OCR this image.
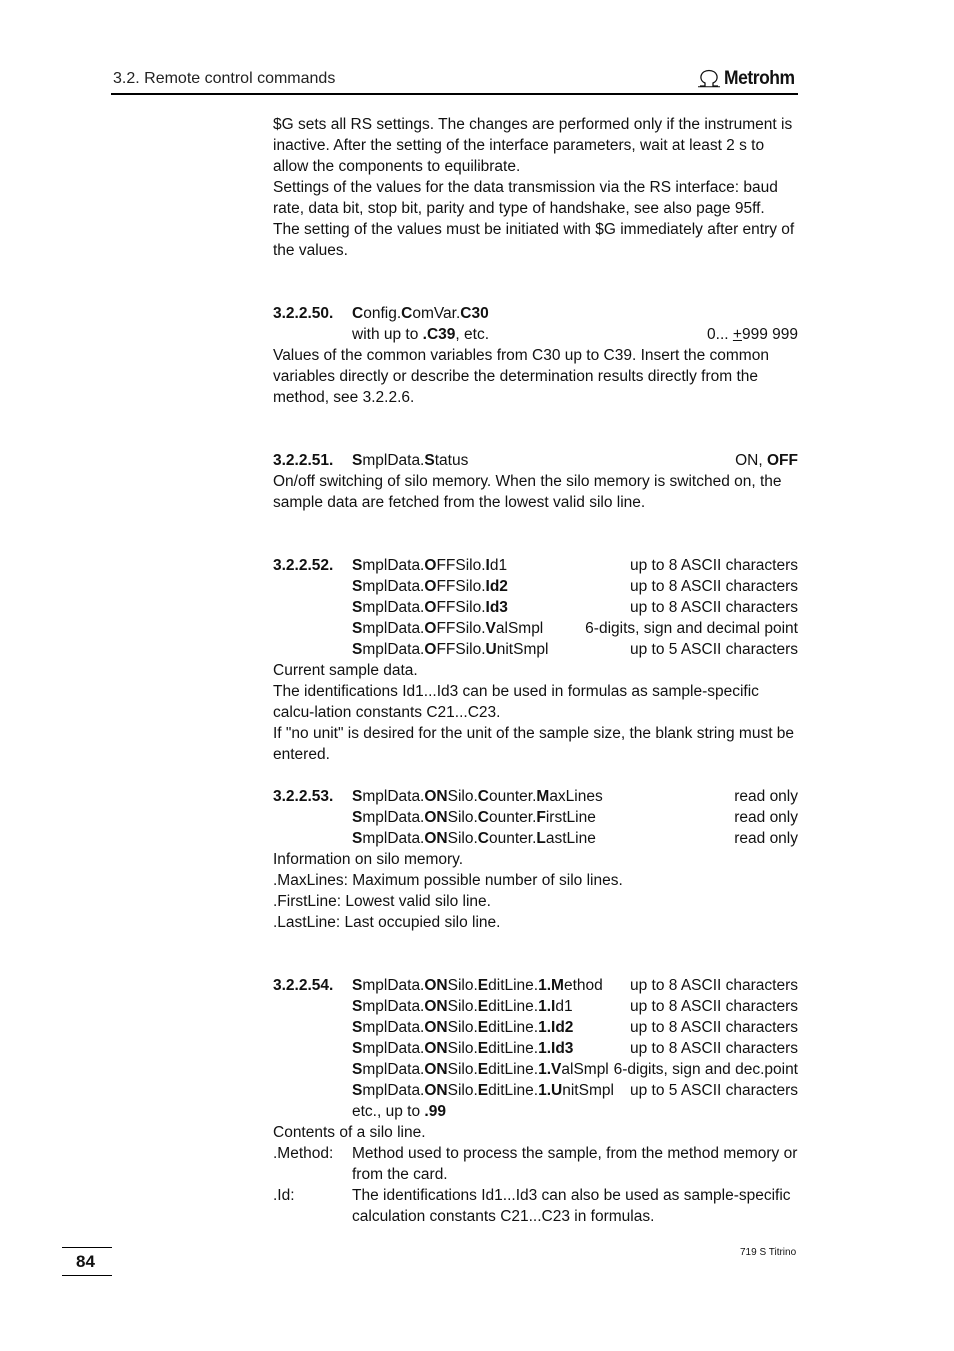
3.2. Remote control commands	Metrohm

$G sets all RS settings. The changes are performed only if the instrument is inactive. After the setting of the interface parameters, wait at least 2 s to allow the components to equilibrate.

Settings of the values for the data transmission via the RS interface: baud rate, data bit, stop bit, parity and type of handshake, see also page 95ff.

The setting of the values must be initiated with $G immediately after entry of the values.

3.2.2.50.	Config.ComVar.C30
with up to .C39, etc.	0... +999 999

Values of the common variables from C30 up to C39. Insert the common variables directly or describe the determination results directly from the method, see 3.2.2.6.

3.2.2.51.	SmplData.Status	ON, OFF

On/off switching of silo memory. When the silo memory is switched on, the sample data are fetched from the lowest valid silo line.

3.2.2.52.	SmplData.OFFSilo.Id1	up to 8 ASCII characters
SmplData.OFFSilo.Id2	up to 8 ASCII characters
SmplData.OFFSilo.Id3	up to 8 ASCII characters
SmplData.OFFSilo.ValSmpl	6-digits, sign and decimal point
SmplData.OFFSilo.UnitSmpl	up to 5 ASCII characters

Current sample data.

The identifications Id1...Id3 can be used in formulas as sample-specific calcu-lation constants C21...C23.

If "no unit" is desired for the unit of the sample size, the blank string must be entered.

3.2.2.53.	SmplData.ONSilo.Counter.MaxLines	read only
SmplData.ONSilo.Counter.FirstLine	read only
SmplData.ONSilo.Counter.LastLine	read only

Information on silo memory.

.MaxLines: Maximum possible number of silo lines.

.FirstLine: Lowest valid silo line.

.LastLine: Last occupied silo line.

3.2.2.54.	SmplData.ONSilo.EditLine.1.Method	up to 8 ASCII characters
SmplData.ONSilo.EditLine.1.Id1	up to 8 ASCII characters
SmplData.ONSilo.EditLine.1.Id2	up to 8 ASCII characters
SmplData.ONSilo.EditLine.1.Id3	up to 8 ASCII characters
SmplData.ONSilo.EditLine.1.ValSmpl 6-digits, sign and dec.point
SmplData.ONSilo.EditLine.1.UnitSmpl	up to 5 ASCII characters
etc., up to .99

Contents of a silo line.

.Method:	Method used to process the sample, from the method memory or from the card.
.Id:	The identifications Id1...Id3 can also be used as sample-specific calculation constants C21...C23 in formulas.
84	719 S Titrino
